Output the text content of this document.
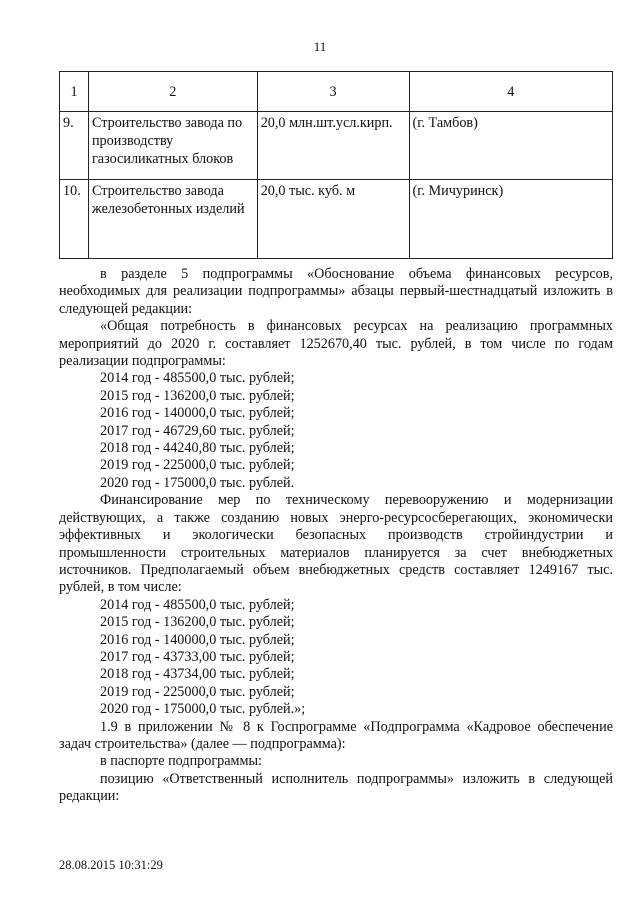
11
1	2	3	4
9.	Строительство завода по производству газосиликатных блоков	20,0 млн.шт.усл.кирп.	(г. Тамбов)
10.	Строительство завода железобетонных изделий	20,0 тыс. куб. м	(г. Мичуринск)

в разделе 5 подпрограммы «Обоснование объема финансовых ресурсов, необходимых для реализации подпрограммы» абзацы первый-шестнадцатый изложить в следующей редакции:

«Общая потребность в финансовых ресурсах на реализацию программных мероприятий до 2020 г. составляет 1252670,40 тыс. рублей, в том числе по годам реализации подпрограммы:

2014 год - 485500,0 тыс. рублей;

2015 год - 136200,0 тыс. рублей;

2016 год - 140000,0 тыс. рублей;

2017 год - 46729,60 тыс. рублей;

2018 год - 44240,80 тыс. рублей;

2019 год - 225000,0 тыс. рублей;

2020 год - 175000,0 тыс. рублей.

Финансирование мер по техническому перевооружению и модернизации действующих, а также созданию новых энерго-ресурсосберегающих, экономически эффективных и экологически безопасных производств стройиндустрии и промышленности строительных материалов планируется за счет внебюджетных источников. Предполагаемый объем внебюджетных средств составляет 1249167 тыс. рублей, в том числе:

2014 год - 485500,0 тыс. рублей;

2015 год - 136200,0 тыс. рублей;

2016 год - 140000,0 тыс. рублей;

2017 год - 43733,00 тыс. рублей;

2018 год - 43734,00 тыс. рублей;

2019 год - 225000,0 тыс. рублей;

2020 год - 175000,0 тыс. рублей.»;

1.9 в приложении № 8 к Госпрограмме «Подпрограмма «Кадровое обеспечение задач строительства» (далее — подпрограмма):

в паспорте подпрограммы:

позицию «Ответственный исполнитель подпрограммы» изложить в следующей редакции:

28.08.2015 10:31:29
